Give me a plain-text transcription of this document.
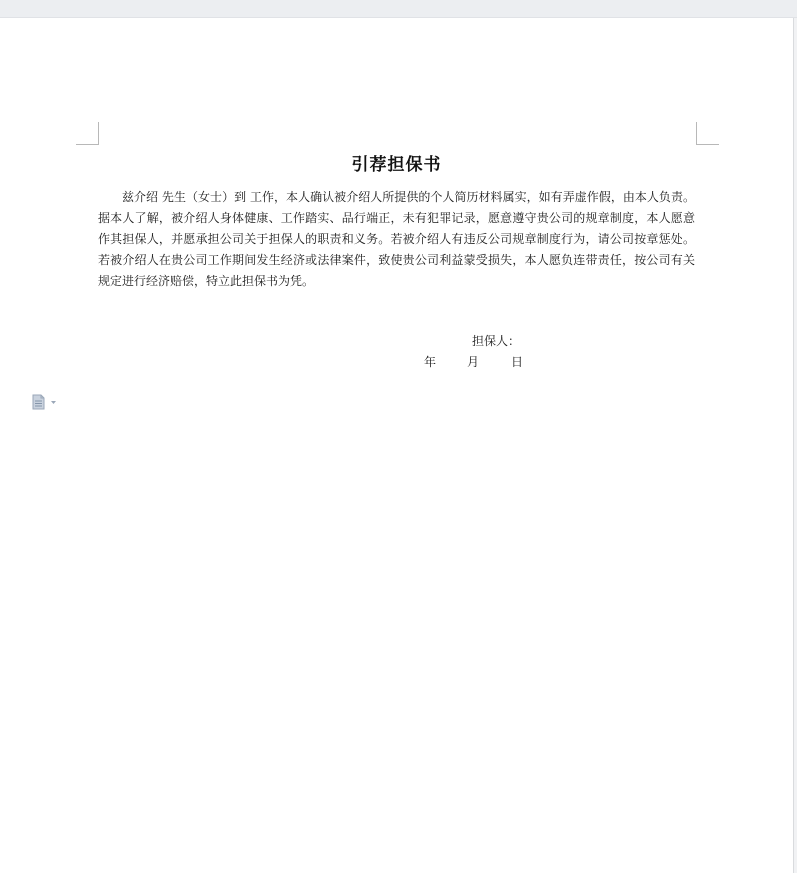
引荐担保书

兹介绍 先生（女士）到 工作，本人确认被介绍人所提供的个人简历材料属实，如有弄虚作假，由本人负责。据本人了解，被介绍人身体健康、工作踏实、品行端正，未有犯罪记录，愿意遵守贵公司的规章制度，本人愿意作其担保人，并愿承担公司关于担保人的职责和义务。若被介绍人有违反公司规章制度行为，请公司按章惩处。若被介绍人在贵公司工作期间发生经济或法律案件，致使贵公司利益蒙受损失，本人愿负连带责任，按公司有关规定进行经济赔偿，特立此担保书为凭。

担保人：
年	月	日
